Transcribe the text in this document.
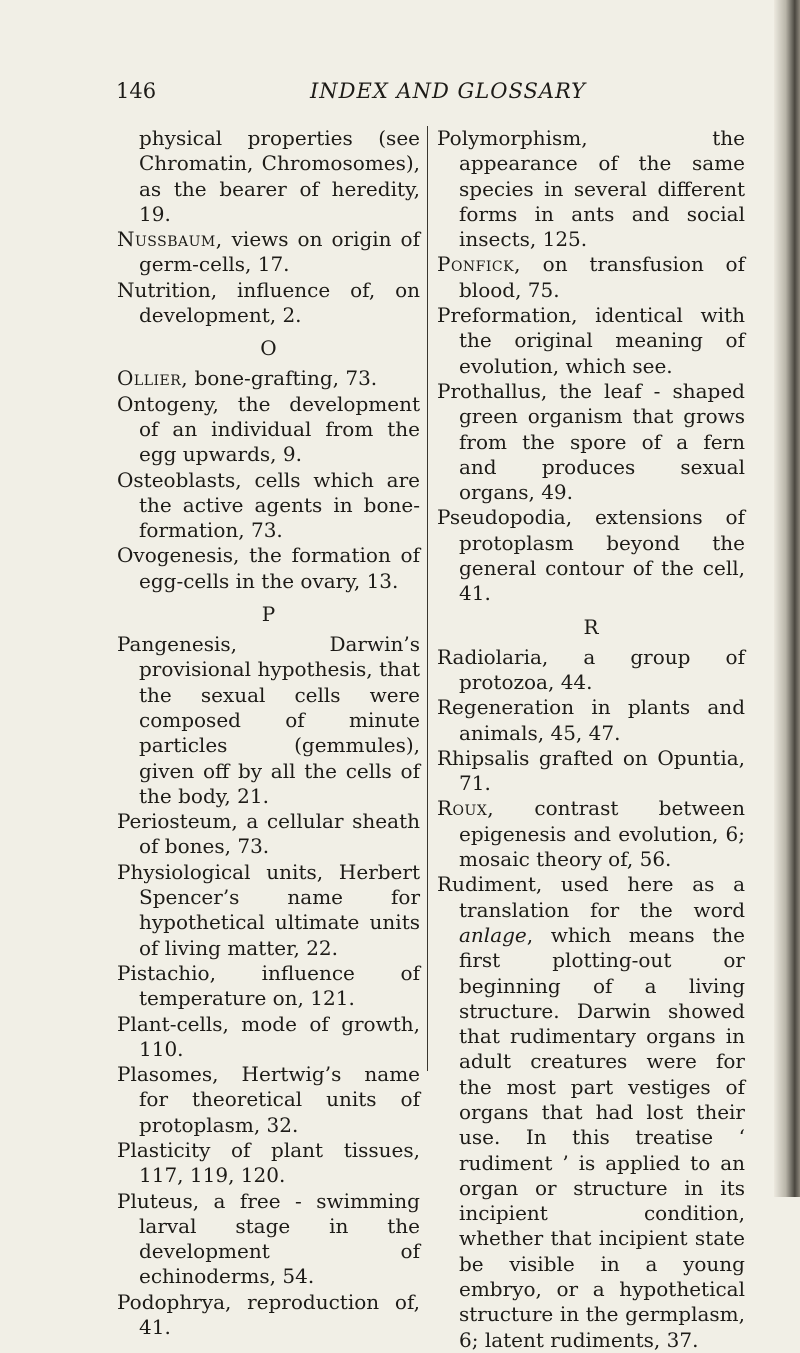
146	INDEX AND GLOSSARY

physical properties (see Chromatin, Chromosomes), as the bearer of heredity, 19.

Nussbaum, views on origin of germ-cells, 17.

Nutrition, influence of, on development, 2.

O

Ollier, bone-grafting, 73.

Ontogeny, the development of an individual from the egg upwards, 9.

Osteoblasts, cells which are the active agents in bone-formation, 73.

Ovogenesis, the formation of egg-cells in the ovary, 13.

P

Pangenesis, Darwin’s provisional hypothesis, that the sexual cells were composed of minute particles (gemmules), given off by all the cells of the body, 21.

Periosteum, a cellular sheath of bones, 73.

Physiological units, Herbert Spencer’s name for hypothetical ultimate units of living matter, 22.

Pistachio, influence of temperature on, 121.

Plant-cells, mode of growth, 110.

Plasomes, Hertwig’s name for theoretical units of protoplasm, 32.

Plasticity of plant tissues, 117, 119, 120.

Pluteus, a free - swimming larval stage in the development of echinoderms, 54.

Podophrya, reproduction of, 41.

Polymorphism, the appearance of the same species in several different forms in ants and social insects, 125.

Ponfick, on transfusion of blood, 75.

Preformation, identical with the original meaning of evolution, which see.

Prothallus, the leaf - shaped green organism that grows from the spore of a fern and produces sexual organs, 49.

Pseudopodia, extensions of protoplasm beyond the general contour of the cell, 41.

R

Radiolaria, a group of protozoa, 44.

Regeneration in plants and animals, 45, 47.

Rhipsalis grafted on Opuntia, 71.

Roux, contrast between epigenesis and evolution, 6; mosaic theory of, 56.

Rudiment, used here as a translation for the word anlage, which means the first plotting-out or beginning of a living structure. Darwin showed that rudimentary organs in adult creatures were for the most part vestiges of organs that had lost their use. In this treatise ‘ rudiment ’ is applied to an organ or structure in its incipient condition, whether that incipient state be visible in a young embryo, or a hypothetical structure in the germplasm, 6; latent rudiments, 37.
